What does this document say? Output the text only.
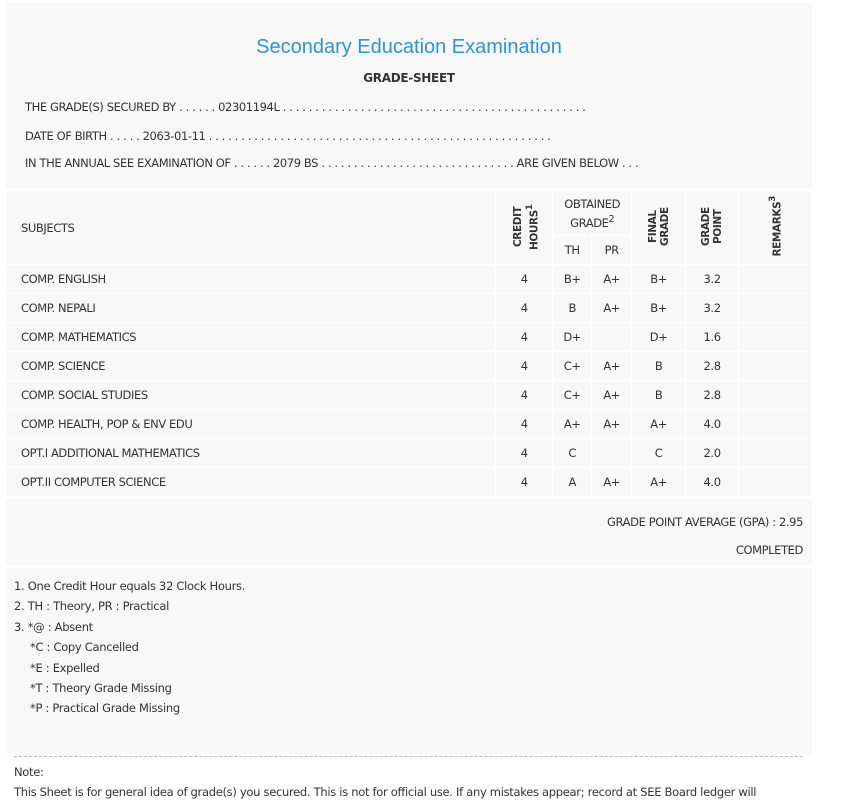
Secondary Education Examination
GRADE-SHEET
THE GRADE(S) SECURED BY . . . . . . 02301194L . . . . . . . . . . . . . . . . . . . . . . . . . . . . . . . . . . . . . . . . . . . . . . .
DATE OF BIRTH . . . . . 2063-01-11 . . . . . . . . . . . . . . . . . . . . . . . . . . . . . . . . . . . . . . . . . . . . . . . . . . . . .
IN THE ANNUAL SEE EXAMINATION OF . . . . . . 2079 BS . . . . . . . . . . . . . . . . . . . . . . . . . . . . . . ARE GIVEN BELOW . . .
SUBJECTS	CREDIT HOURS$^1$	OBTAINED GRADE$^2$		FINAL GRADE	GRADE POINT	REMARKS$^3$
		TH	PR			
COMP. ENGLISH	4	B+	A+	B+	3.2	
COMP. NEPALI	4	B	A+	B+	3.2	
COMP. MATHEMATICS	4	D+		D+	1.6	
COMP. SCIENCE	4	C+	A+	B	2.8	
COMP. SOCIAL STUDIES	4	C+	A+	B	2.8	
COMP. HEALTH, POP & ENV EDU	4	A+	A+	A+	4.0	
OPT.I ADDITIONAL MATHEMATICS	4	C		C	2.0	
OPT.II COMPUTER SCIENCE	4	A	A+	A+	4.0	
GRADE POINT AVERAGE (GPA) : 2.95
COMPLETED
1. One Credit Hour equals 32 Clock Hours.
2. TH : Theory, PR : Practical
3. *@ : Absent
*C : Copy Cancelled
*E : Expelled
*T : Theory Grade Missing
*P : Practical Grade Missing
Note:
This Sheet is for general idea of grade(s) you secured. This is not for official use. If any mistakes appear; record at SEE Board ledger will
